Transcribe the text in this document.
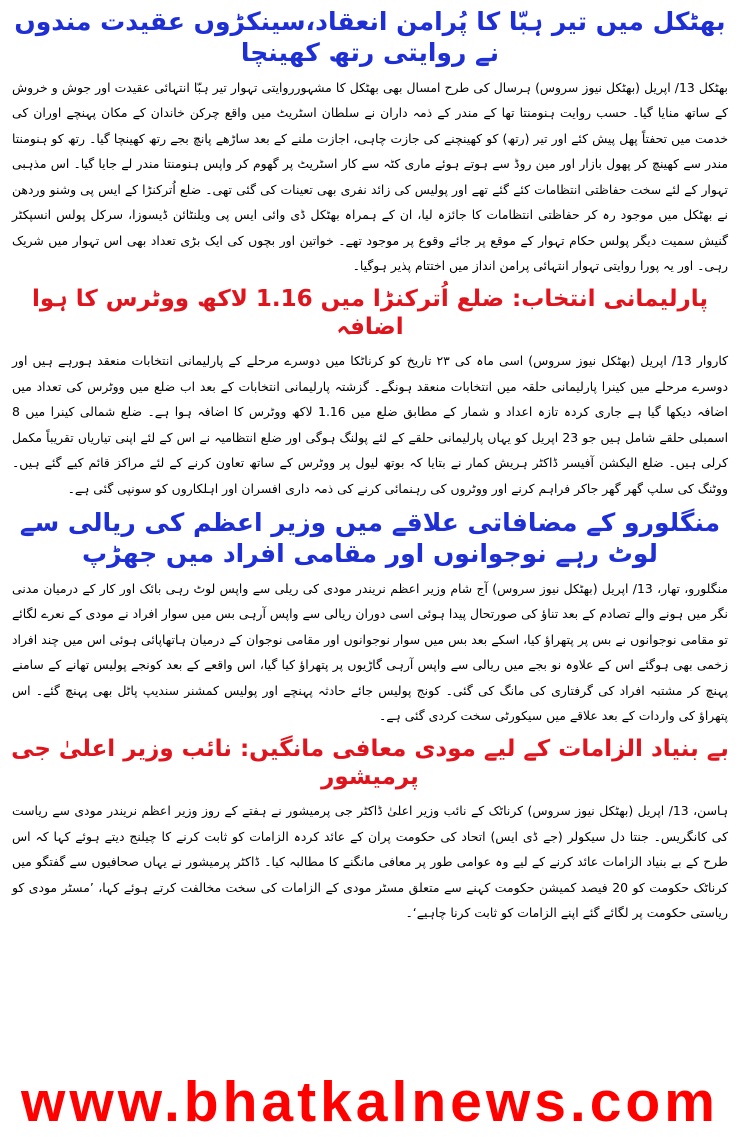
بھٹکل میں تیر ہبّا کا پُرامن انعقاد،سینکڑوں عقیدت مندوں نے روایتی رتھ کھینچا

بھٹکل 13/ اپریل (بھٹکل نیوز سروس) ہرسال کی طرح امسال بھی بھٹکل کا مشہورروایتی تہوار تیر ہبّا انتہائی عقیدت اور جوش و خروش کے ساتھ منایا گیا۔ حسب روایت ہنومنتا تھا کے مندر کے ذمہ داران نے سلطان اسٹریٹ میں واقع چرکن خاندان کے مکان پہنچے اوران کی خدمت میں تحفتاً پھل پیش کئے اور تیر (رتھ) کو کھینچنے کی جازت چاہی، اجازت ملنے کے بعد ساڑھے پانچ بجے رتھ کھینچا گیا۔ رتھ کو ہنومنتا مندر سے کھینچ کر پھول بازار اور مین روڈ سے ہوتے ہوئے ماری کٹہ سے کار اسٹریٹ پر گھوم کر واپس ہنومنتا مندر لے جایا گیا۔ اس مذہبی تہوار کے لئے سخت حفاظتی انتظامات کئے گئے تھے اور پولیس کی زائد نفری بھی تعینات کی گئی تھی۔ ضلع اُترکنڑا کے ایس پی وشنو وردھن نے بھٹکل میں موجود رہ کر حفاظتی انتظامات کا جائزہ لیا، ان کے ہمراہ بھٹکل ڈی وائی ایس پی ویلنٹائن ڈیسوزا، سرکل پولس انسپکٹر گنیش سمیت دیگر پولس حکام تہوار کے موقع پر جائے وقوع پر موجود تھے۔ خواتین اور بچوں کی ایک بڑی تعداد بھی اس تہوار میں شریک رہی۔ اور یہ پورا روایتی تہوار انتہائی پرامن انداز میں اختتام پذیر ہوگیا۔

پارلیمانی انتخاب: ضلع اُترکنڑا میں 1.16 لاکھ ووٹرس کا ہوا اضافہ

کاروار 13/ اپریل (بھٹکل نیوز سروس) اسی ماہ کی ۲۳ تاریخ کو کرناٹکا میں دوسرے مرحلے کے پارلیمانی انتخابات منعقد ہورہے ہیں اور دوسرے مرحلے میں کینرا پارلیمانی حلقہ میں انتخابات منعقد ہونگے۔ گزشتہ پارلیمانی انتخابات کے بعد اب ضلع میں ووٹرس کی تعداد میں اضافہ دیکھا گیا ہے جاری کردہ تازہ اعداد و شمار کے مطابق ضلع میں 1.16 لاکھ ووٹرس کا اضافہ ہوا ہے۔ ضلع شمالی کینرا میں 8 اسمبلی حلقے شامل ہیں جو 23 اپریل کو یہاں پارلیمانی حلقے کے لئے پولنگ ہوگی اور ضلع انتظامیہ نے اس کے لئے اپنی تیاریاں تقریباً مکمل کرلی ہیں۔ ضلع الیکشن آفیسر ڈاکٹر ہریش کمار نے بتایا کہ بوتھ لیول پر ووٹرس کے ساتھ تعاون کرنے کے لئے مراکز قائم کیے گئے ہیں۔ ووٹنگ کی سلپ گھر گھر جاکر فراہم کرنے اور ووٹروں کی رہنمائی کرنے کی ذمہ داری افسران اور اہلکاروں کو سونپی گئی ہے۔

منگلورو کے مضافاتی علاقے میں وزیر اعظم کی ریالی سے لوٹ رہے نوجوانوں اور مقامی افراد میں جھڑپ

منگلورو، تھار، 13/ اپریل (بھٹکل نیوز سروس) آج شام وزیر اعظم نریندر مودی کی ریلی سے واپس لوٹ رہی بائک اور کار کے درمیان مدنی نگر میں ہونے والے تصادم کے بعد تناؤ کی صورتحال پیدا ہوئی اسی دوران ریالی سے واپس آرہی بس میں سوار افراد نے مودی کے نعرے لگائے تو مقامی نوجوانوں نے بس پر پتھراؤ کیا، اسکے بعد بس میں سوار نوجوانوں اور مقامی نوجوان کے درمیان ہاتھاپائی ہوئی اس میں چند افراد زخمی بھی ہوگئے اس کے علاوہ نو بجے میں ریالی سے واپس آرہی گاڑیوں پر پتھراؤ کیا گیا، اس واقعے کے بعد کونجے پولیس تھانے کے سامنے پہنچ کر مشتبہ افراد کی گرفتاری کی مانگ کی گئی۔ کونج پولیس جائے حادثہ پہنچے اور پولیس کمشنر سندیپ پاٹل بھی پہنچ گئے۔ اس پتھراؤ کی واردات کے بعد علاقے میں سیکورٹی سخت کردی گئی ہے۔

بے بنیاد الزامات کے لیے مودی معافی مانگیں: نائب وزیر اعلیٰ جی پرمیشور

ہاسن، 13/ اپریل (بھٹکل نیوز سروس) کرناٹک کے نائب وزیر اعلیٰ ڈاکٹر جی پرمیشور نے ہفتے کے روز وزیر اعظم نریندر مودی سے ریاست کی کانگریس۔ جنتا دل سیکولر (جے ڈی ایس) اتحاد کی حکومت پران کے عائد کردہ الزامات کو ثابت کرنے کا چیلنج دیتے ہوئے کہا کہ اس طرح کے بے بنیاد الزامات عائد کرنے کے لیے وہ عوامی طور پر معافی مانگنے کا مطالبہ کیا۔ ڈاکٹر پرمیشور نے یہاں صحافیوں سے گفتگو میں کرناٹک حکومت کو 20 فیصد کمیشن حکومت کہنے سے متعلق مسٹر مودی کے الزامات کی سخت مخالفت کرتے ہوئے کہا، ’مسٹر مودی کو ریاستی حکومت پر لگائے گئے اپنے الزامات کو ثابت کرنا چاہیے‘۔

www.bhatkalnews.com
